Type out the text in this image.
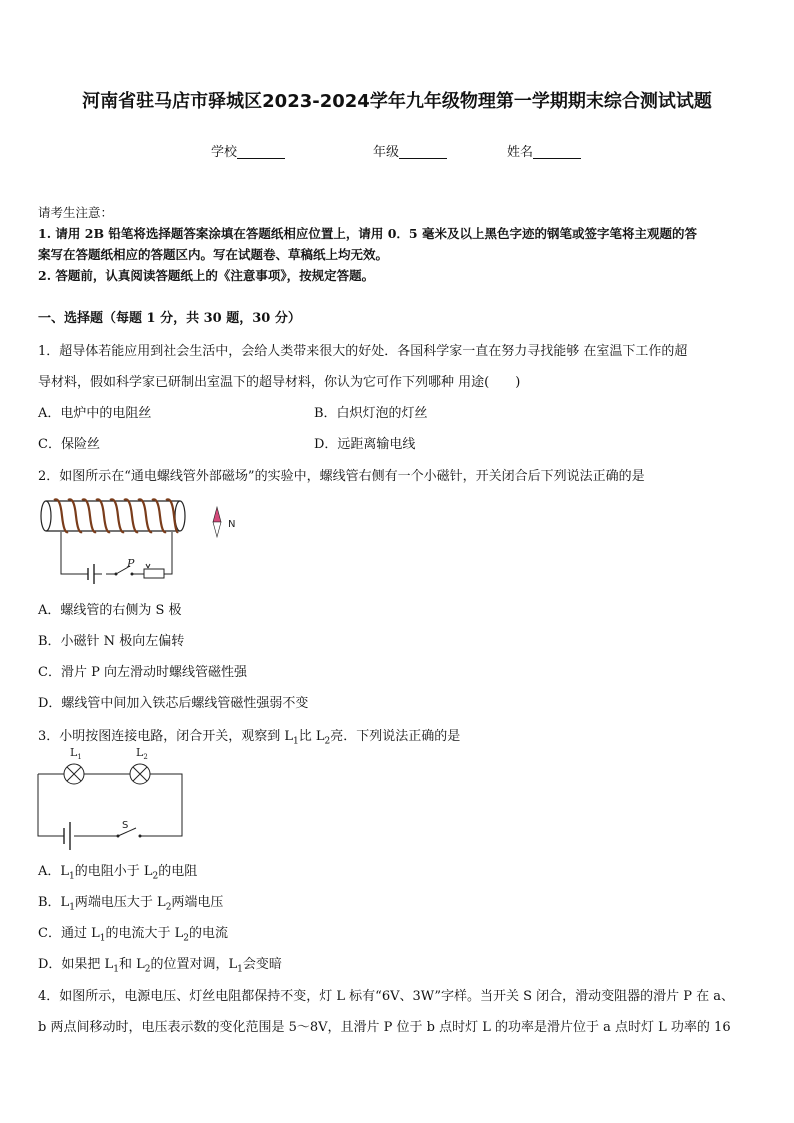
河南省驻马店市驿城区2023-2024学年九年级物理第一学期期末综合测试试题
学校	年级	姓名
请考生注意：
1. 请用 2B 铅笔将选择题答案涂填在答题纸相应位置上，请用 0．5 毫米及以上黑色字迹的钢笔或签字笔将主观题的答
案写在答题纸相应的答题区内。写在试题卷、草稿纸上均无效。
2. 答题前，认真阅读答题纸上的《注意事项》，按规定答题。
一、选择题（每题 1 分，共 30 题，30 分）
1．超导体若能应用到社会生活中，会给人类带来很大的好处．各国科学家一直在努力寻找能够 在室温下工作的超
导材料，假如科学家已研制出室温下的超导材料，你认为它可作下列哪种 用途(　　)
A．电炉中的电阻丝	B．白炽灯泡的灯丝
C．保险丝	D．远距离输电线
2．如图所示在“通电螺线管外部磁场”的实验中，螺线管右侧有一个小磁针，开关闭合后下列说法正确的是
P
N
A．螺线管的右侧为 S 极
B．小磁针 N 极向左偏转
C．滑片 P 向左滑动时螺线管磁性强
D．螺线管中间加入铁芯后螺线管磁性强弱不变
3．小明按图连接电路，闭合开关，观察到 $L_1$比 $L_2$亮．下列说法正确的是
$L_1$	$L_2$
S
A．$L_1$的电阻小于 $L_2$的电阻
B．$L_1$两端电压大于 $L_2$两端电压
C．通过 $L_1$的电流大于 $L_2$的电流
D．如果把 $L_1$和 $L_2$的位置对调，$L_1$会变暗
4．如图所示，电源电压、灯丝电阻都保持不变，灯 L 标有“6V、3W”字样。当开关 S 闭合，滑动变阻器的滑片 P 在 a、
b 两点间移动时，电压表示数的变化范围是 5～8V，且滑片 P 位于 b 点时灯 L 的功率是滑片位于 a 点时灯 L 功率的 16
